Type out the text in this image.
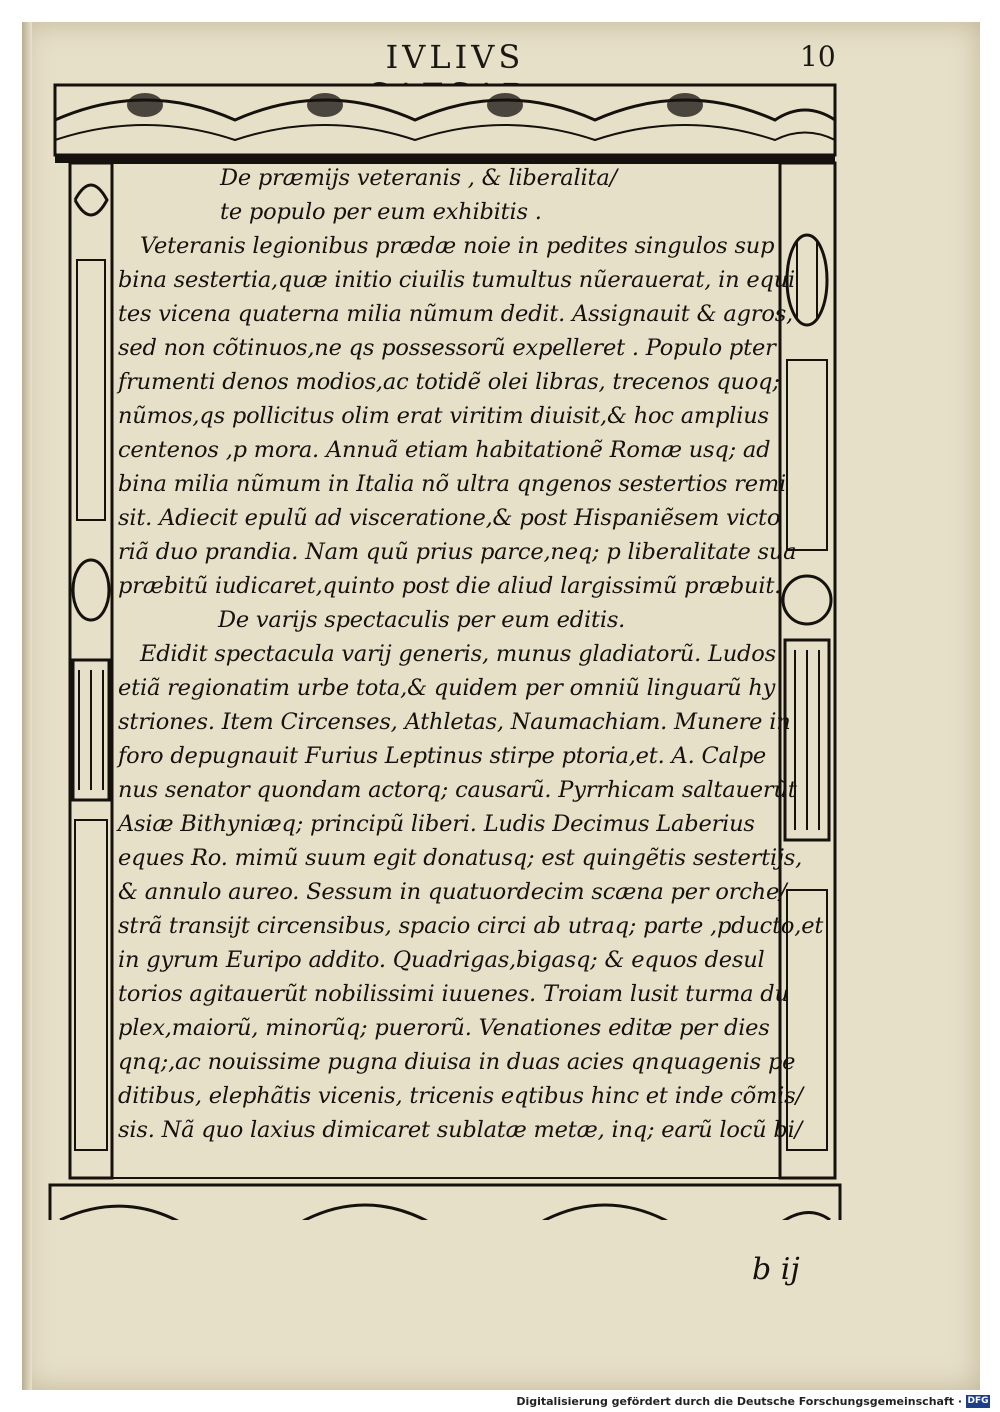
IVLIVS	10
De præmijs veteranis , & liberalita/
te populo per eum exhibitis .
Veteranis legionibus prædæ noie in pedites singulos sup
bina sestertia,quæ initio ciuilis tumultus nũerauerat, in equi
tes vicena quaterna milia nũmum dedit. Assignauit & agros,
sed non cõtinuos,ne qs possessorũ expelleret . Populo pter
frumenti denos modios,ac totidẽ olei libras, trecenos quoq;
nũmos,qs pollicitus olim erat viritim diuisit,& hoc amplius
centenos ,p mora. Annuã etiam habitationẽ Romæ usq; ad
bina milia nũmum in Italia nõ ultra qngenos sestertios remi
sit. Adiecit epulũ ad visceratione,& post Hispaniẽsem victo
riã duo prandia. Nam quũ prius parce,neq; p liberalitate sua
præbitũ iudicaret,quinto post die aliud largissimũ præbuit.
De varijs spectaculis per eum editis.
Edidit spectacula varij generis, munus gladiatorũ. Ludos
etiã regionatim urbe tota,& quidem per omniũ linguarũ hy
striones. Item Circenses, Athletas, Naumachiam. Munere in
foro depugnauit Furius Leptinus stirpe ptoria,et. A. Calpe
nus senator quondam actorq; causarũ. Pyrrhicam saltauerũt
Asiæ Bithyniæq; principũ liberi. Ludis Decimus Laberius
eques Ro. mimũ suum egit donatusq; est quingẽtis sestertijs,
& annulo aureo. Sessum in quatuordecim scæna per orche/
strã transijt circensibus, spacio circi ab utraq; parte ,pducto,et
in gyrum Euripo addito. Quadrigas,bigasq; & equos desul
torios agitauerũt nobilissimi iuuenes. Troiam lusit turma du
plex,maiorũ, minorũq; puerorũ. Venationes editæ per dies
qnq;,ac nouissime pugna diuisa in duas acies qnquagenis pe
ditibus, elephãtis vicenis, tricenis eqtibus hinc et inde cõmis/
sis. Nã quo laxius dimicaret sublatæ metæ, inq; earũ locũ bi/
b ij
Digitalisierung gefördert durch die Deutsche Forschungsgemeinschaft · DFG
